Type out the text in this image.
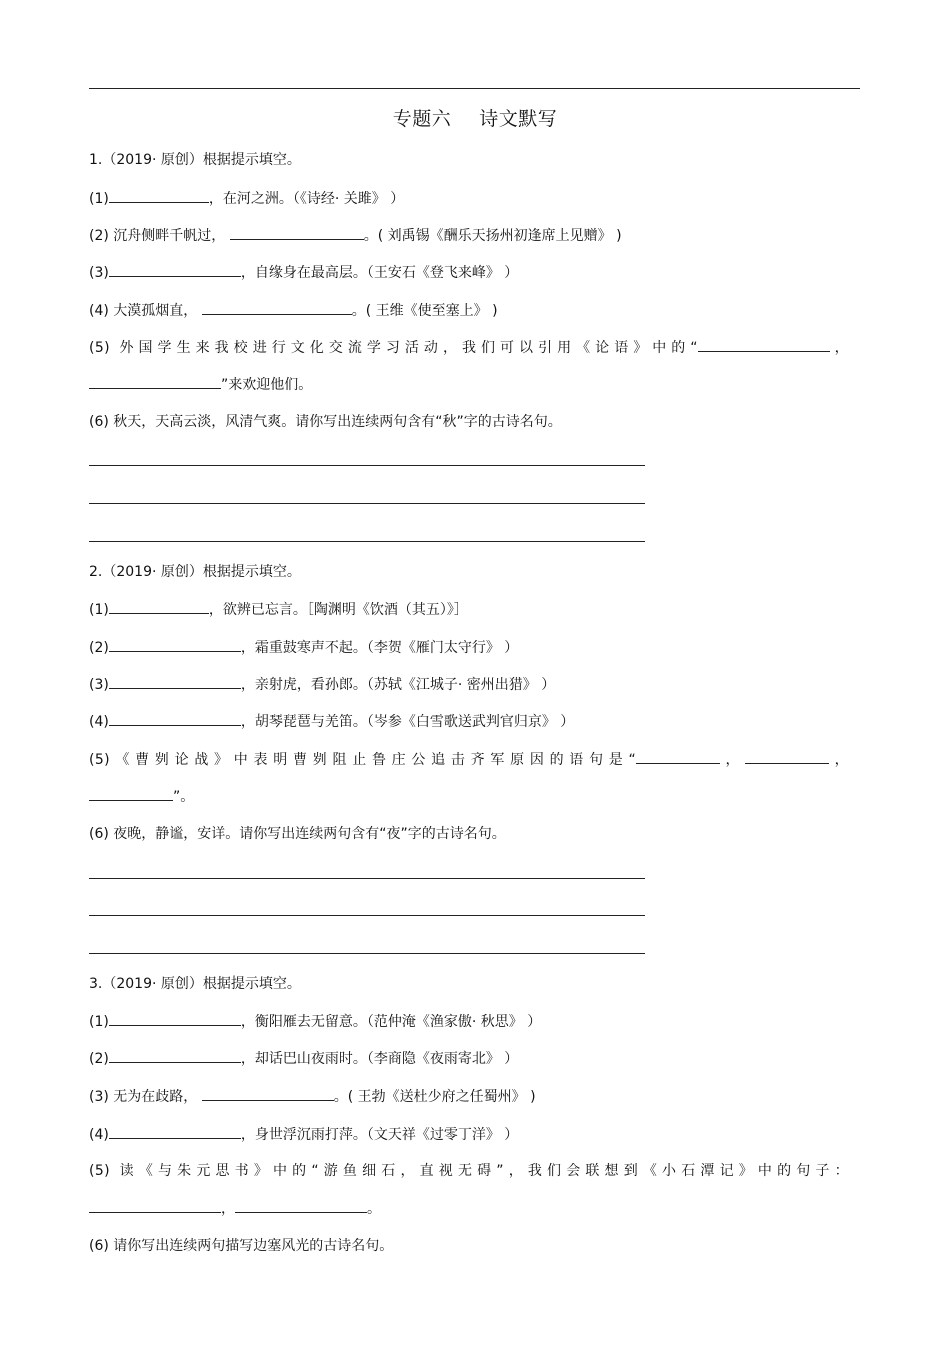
专题六 诗文默写
1.（2019· 原创）根据提示填空。
(1)	，在河之洲。（《诗经· 关雎》 ）
(2) 沉舟侧畔千帆过，	。( 刘禹锡《酬乐天扬州初逢席上见赠》 )
(3)	，自缘身在最高层。（王安石《登飞来峰》 ）
(4) 大漠孤烟直，	。( 王维《使至塞上》 )
(5) 外国学生来我校进行文化交流学习活动，我们可以引用《论语》中的“	，
”来欢迎他们。
(6) 秋天，天高云淡，风清气爽。请你写出连续两句含有“秋”字的古诗名句。
2.（2019· 原创）根据提示填空。
(1)	，欲辨已忘言。［陶渊明《饮酒（其五）》］
(2)	，霜重鼓寒声不起。（李贺《雁门太守行》 ）
(3)	，亲射虎，看孙郎。（苏轼《江城子· 密州出猎》 ）
(4)	，胡琴琵琶与羌笛。（岑参《白雪歌送武判官归京》 ）
(5)《曹刿论战》中表明曹刿阻止鲁庄公追击齐军原因的语句是“	，	，
”。
(6) 夜晚，静谧，安详。请你写出连续两句含有“夜”字的古诗名句。
3.（2019· 原创）根据提示填空。
(1)	，衡阳雁去无留意。（范仲淹《渔家傲· 秋思》 ）
(2)	，却话巴山夜雨时。（李商隐《夜雨寄北》 ）
(3) 无为在歧路，	。( 王勃《送杜少府之任蜀州》 )
(4)	，身世浮沉雨打萍。（文天祥《过零丁洋》 ）
(5) 读《与朱元思书》中的“游鱼细石，直视无碍”，我们会联想到《小石潭记》中的句子：
，	。
(6) 请你写出连续两句描写边塞风光的古诗名句。
